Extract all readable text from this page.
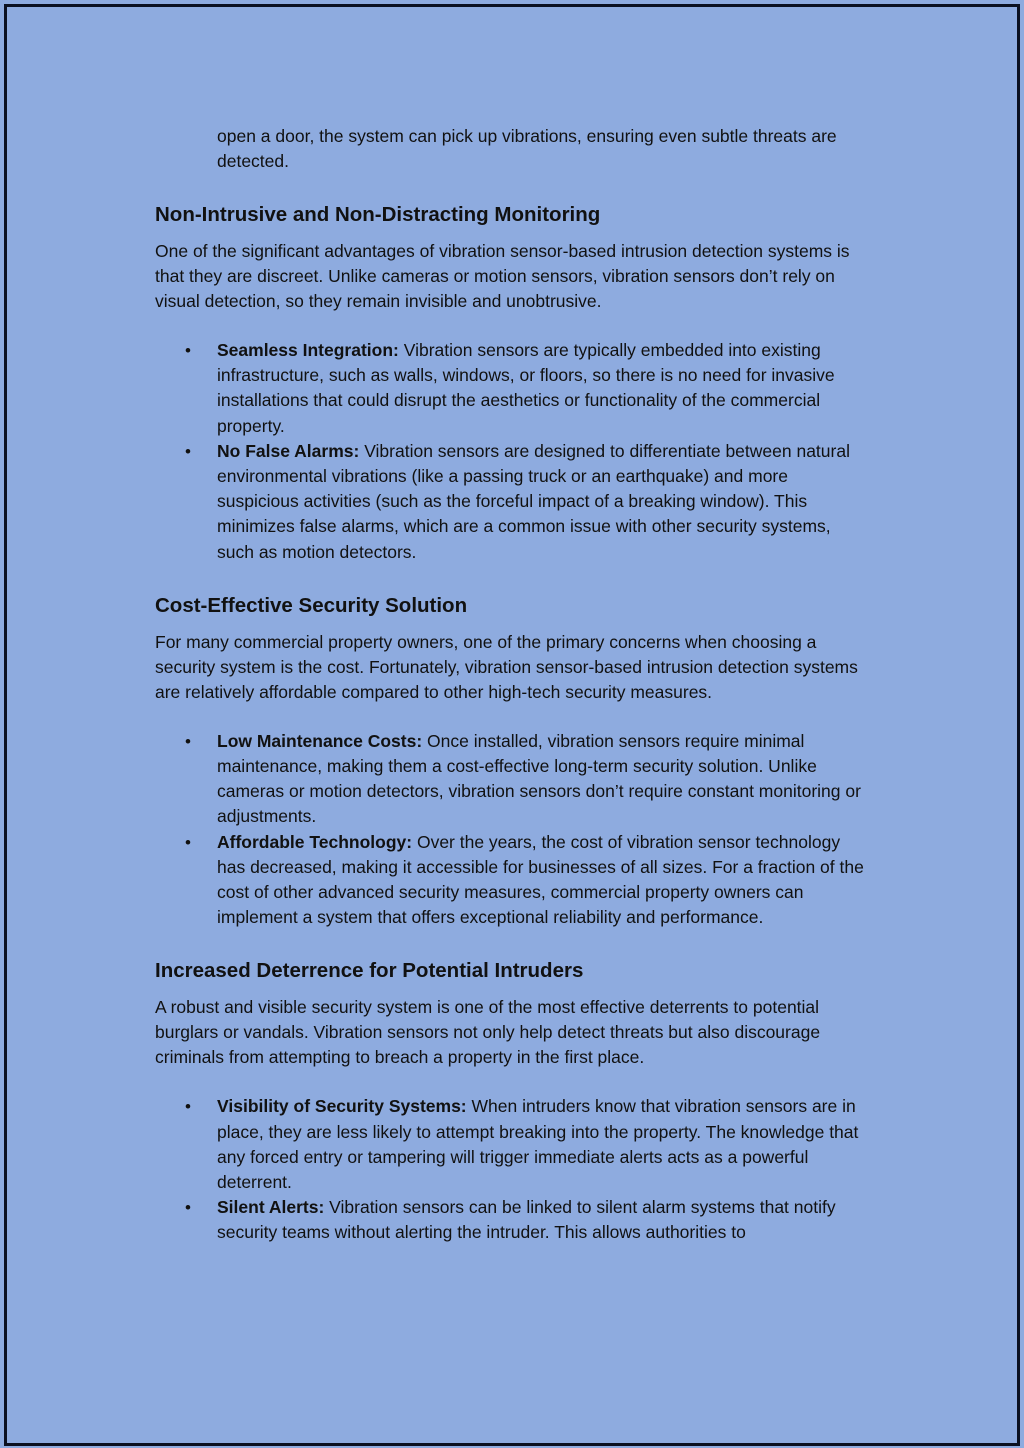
open a door, the system can pick up vibrations, ensuring even subtle threats are detected.

Non-Intrusive and Non-Distracting Monitoring

One of the significant advantages of vibration sensor-based intrusion detection systems is that they are discreet. Unlike cameras or motion sensors, vibration sensors don’t rely on visual detection, so they remain invisible and unobtrusive.

• Seamless Integration: Vibration sensors are typically embedded into existing infrastructure, such as walls, windows, or floors, so there is no need for invasive installations that could disrupt the aesthetics or functionality of the commercial property.
• No False Alarms: Vibration sensors are designed to differentiate between natural environmental vibrations (like a passing truck or an earthquake) and more suspicious activities (such as the forceful impact of a breaking window). This minimizes false alarms, which are a common issue with other security systems, such as motion detectors.
Cost-Effective Security Solution

For many commercial property owners, one of the primary concerns when choosing a security system is the cost. Fortunately, vibration sensor-based intrusion detection systems are relatively affordable compared to other high-tech security measures.

• Low Maintenance Costs: Once installed, vibration sensors require minimal maintenance, making them a cost-effective long-term security solution. Unlike cameras or motion detectors, vibration sensors don’t require constant monitoring or adjustments.
• Affordable Technology: Over the years, the cost of vibration sensor technology has decreased, making it accessible for businesses of all sizes. For a fraction of the cost of other advanced security measures, commercial property owners can implement a system that offers exceptional reliability and performance.
Increased Deterrence for Potential Intruders

A robust and visible security system is one of the most effective deterrents to potential burglars or vandals. Vibration sensors not only help detect threats but also discourage criminals from attempting to breach a property in the first place.

• Visibility of Security Systems: When intruders know that vibration sensors are in place, they are less likely to attempt breaking into the property. The knowledge that any forced entry or tampering will trigger immediate alerts acts as a powerful deterrent.
• Silent Alerts: Vibration sensors can be linked to silent alarm systems that notify security teams without alerting the intruder. This allows authorities to
